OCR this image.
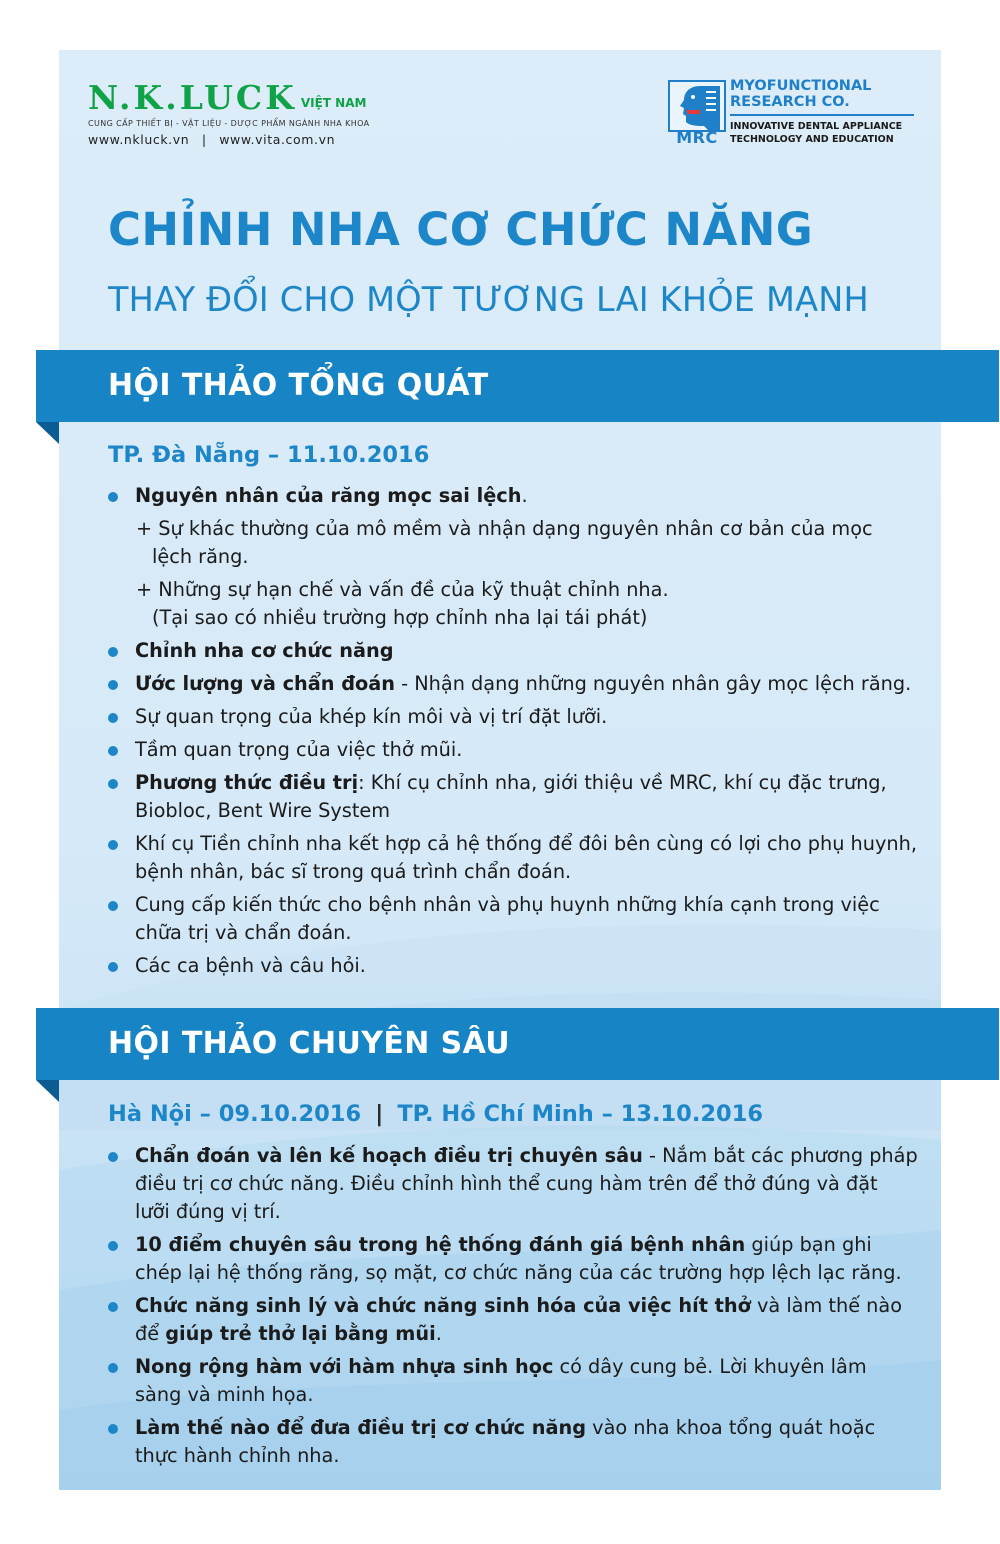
N.K.LUCK VIỆT NAM
CUNG CẤP THIẾT BỊ - VẬT LIỆU - DƯỢC PHẨM NGÀNH NHA KHOA
www.nkluck.vn | www.vita.com.vn	MRC
MYOFUNCTIONAL
RESEARCH CO.
INNOVATIVE DENTAL APPLIANCE
TECHNOLOGY AND EDUCATION
CHỈNH NHA CƠ CHỨC NĂNG
THAY ĐỔI CHO MỘT TƯƠNG LAI KHỎE MẠNH
HỘI THẢO TỔNG QUÁT
TP. Đà Nẵng – 11.10.2016
Nguyên nhân của răng mọc sai lệch.
+ Sự khác thường của mô mềm và nhận dạng nguyên nhân cơ bản của mọc lệch răng.
+ Những sự hạn chế và vấn đề của kỹ thuật chỉnh nha.
(Tại sao có nhiều trường hợp chỉnh nha lại tái phát)
Chỉnh nha cơ chức năng
Ước lượng và chẩn đoán - Nhận dạng những nguyên nhân gây mọc lệch răng.
Sự quan trọng của khép kín môi và vị trí đặt lưỡi.
Tầm quan trọng của việc thở mũi.
Phương thức điều trị: Khí cụ chỉnh nha, giới thiệu về MRC, khí cụ đặc trưng, Biobloc, Bent Wire System
Khí cụ Tiền chỉnh nha kết hợp cả hệ thống để đôi bên cùng có lợi cho phụ huynh, bệnh nhân, bác sĩ trong quá trình chẩn đoán.
Cung cấp kiến thức cho bệnh nhân và phụ huynh những khía cạnh trong việc chữa trị và chẩn đoán.
Các ca bệnh và câu hỏi.
HỘI THẢO CHUYÊN SÂU
Hà Nội – 09.10.2016 | TP. Hồ Chí Minh – 13.10.2016
Chẩn đoán và lên kế hoạch điều trị chuyên sâu - Nắm bắt các phương pháp điều trị cơ chức năng. Điều chỉnh hình thể cung hàm trên để thở đúng và đặt lưỡi đúng vị trí.
10 điểm chuyên sâu trong hệ thống đánh giá bệnh nhân giúp bạn ghi chép lại hệ thống răng, sọ mặt, cơ chức năng của các trường hợp lệch lạc răng.
Chức năng sinh lý và chức năng sinh hóa của việc hít thở và làm thế nào để giúp trẻ thở lại bằng mũi.
Nong rộng hàm với hàm nhựa sinh học có dây cung bẻ. Lời khuyên lâm sàng và minh họa.
Làm thế nào để đưa điều trị cơ chức năng vào nha khoa tổng quát hoặc thực hành chỉnh nha.
